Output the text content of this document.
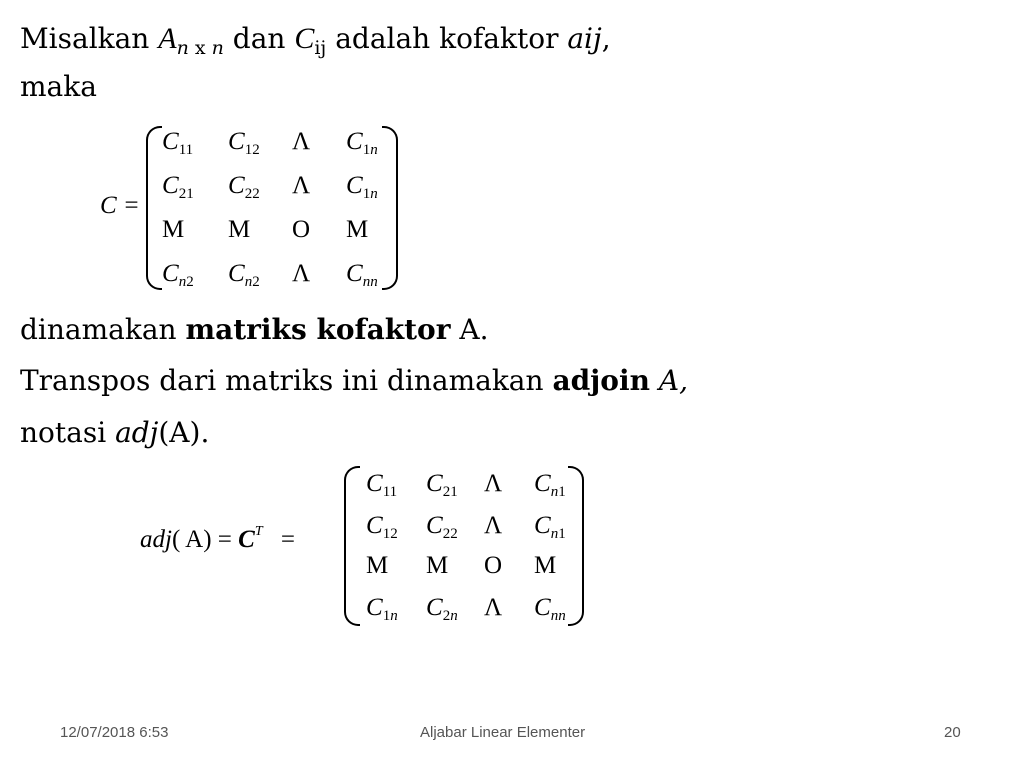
Misalkan $A_{n x n}$ dan $C_{ij}$ adalah kofaktor aij,
maka
C =
$C_{11}$ $C_{12}$ Λ $C_{1n}$
$C_{21}$ $C_{22}$ Λ $C_{1n}$
M M O M
$C_{n2}$ $C_{n2}$ Λ $C_{nn}$
dinamakan matriks kofaktor A.
Transpos dari matriks ini dinamakan adjoin A,
notasi adj(A).
adj( $A) = C^T$ =
$C_{11}$ $C_{21}$ Λ $C_{n1}$
$C_{12}$ $C_{22}$ Λ $C_{n1}$
M M O M
$C_{1n}$ $C_{2n}$ Λ $C_{nn}$
12/07/2018 6:53	Aljabar Linear Elementer	20
